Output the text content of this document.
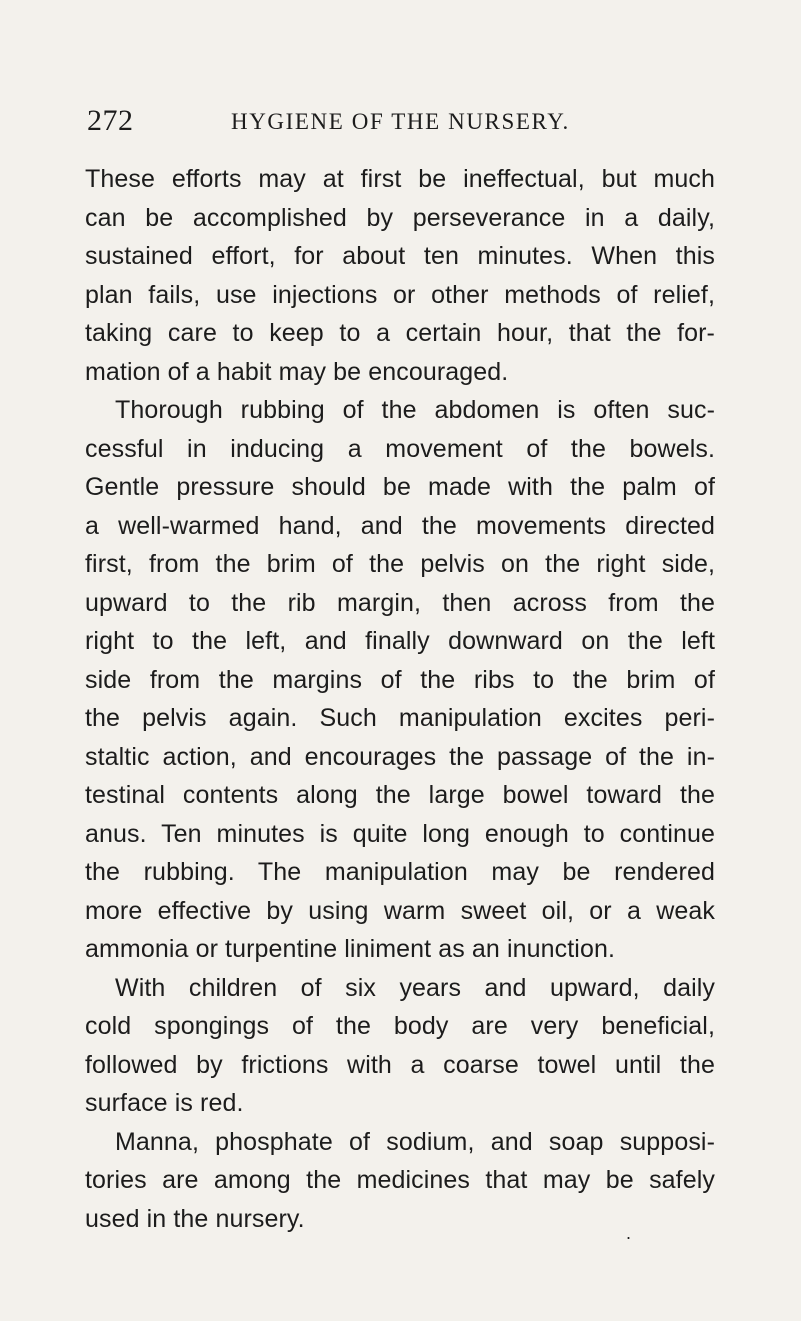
272	HYGIENE OF THE NURSERY.
These efforts may at first be ineffectual, but much
can be accomplished by perseverance in a daily,
sustained effort, for about ten minutes. When this
plan fails, use injections or other methods of relief,
taking care to keep to a certain hour, that the for-
mation of a habit may be encouraged.
Thorough rubbing of the abdomen is often suc-
cessful in inducing a movement of the bowels.
Gentle pressure should be made with the palm of
a well-warmed hand, and the movements directed
first, from the brim of the pelvis on the right side,
upward to the rib margin, then across from the
right to the left, and finally downward on the left
side from the margins of the ribs to the brim of
the pelvis again. Such manipulation excites peri-
staltic action, and encourages the passage of the in-
testinal contents along the large bowel toward the
anus. Ten minutes is quite long enough to continue
the rubbing. The manipulation may be rendered
more effective by using warm sweet oil, or a weak
ammonia or turpentine liniment as an inunction.
With children of six years and upward, daily
cold spongings of the body are very beneficial,
followed by frictions with a coarse towel until the
surface is red.
Manna, phosphate of sodium, and soap supposi-
tories are among the medicines that may be safely
used in the nursery.
.
